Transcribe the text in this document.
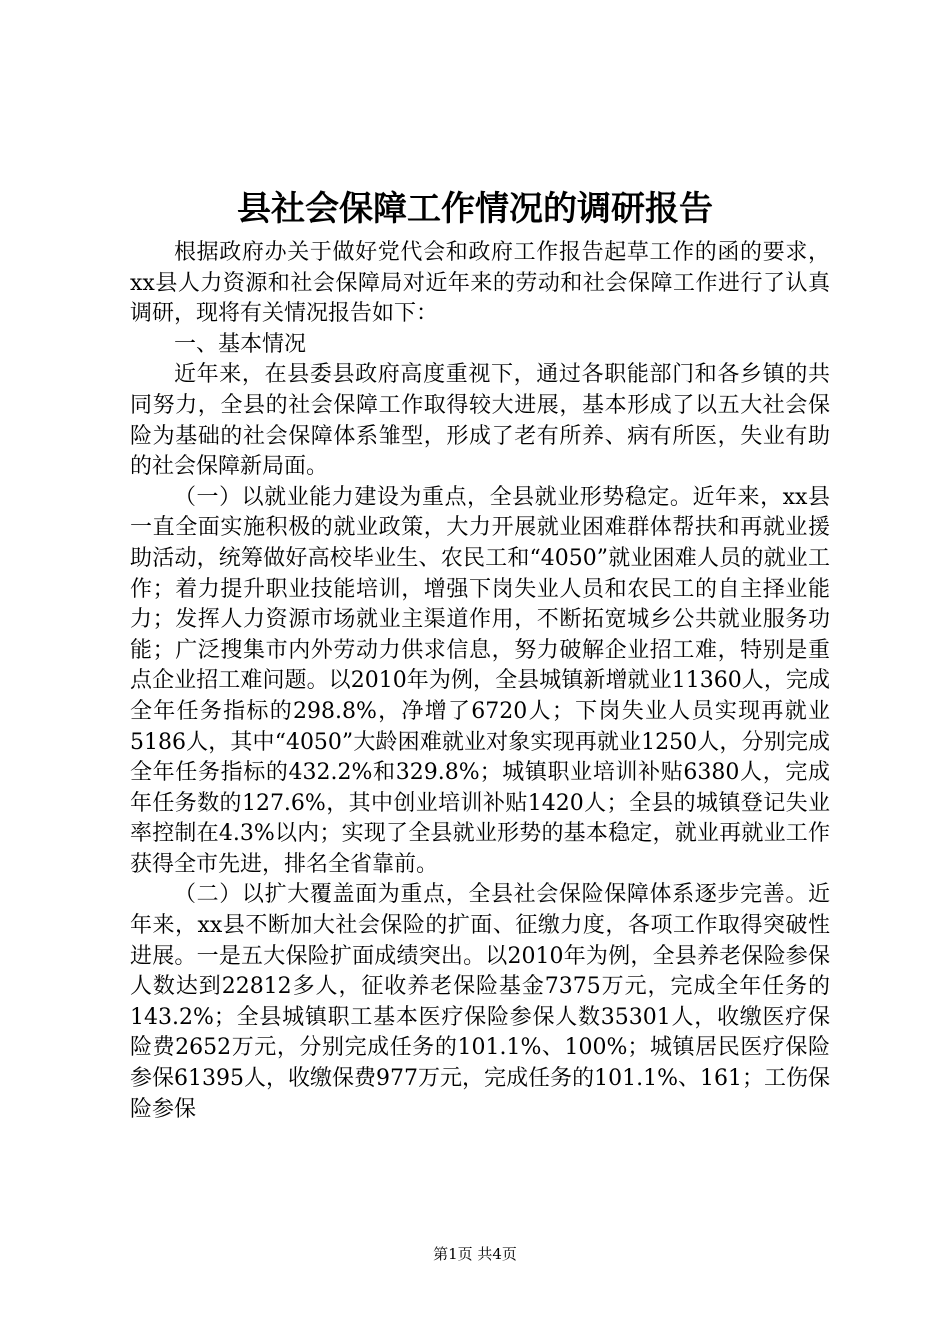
县社会保障工作情况的调研报告

根据政府办关于做好党代会和政府工作报告起草工作的函的要求，xx县人力资源和社会保障局对近年来的劳动和社会保障工作进行了认真调研，现将有关情况报告如下：

一、基本情况

近年来，在县委县政府高度重视下，通过各职能部门和各乡镇的共同努力，全县的社会保障工作取得较大进展，基本形成了以五大社会保险为基础的社会保障体系雏型，形成了老有所养、病有所医，失业有助的社会保障新局面。

（一）以就业能力建设为重点，全县就业形势稳定。近年来，xx县一直全面实施积极的就业政策，大力开展就业困难群体帮扶和再就业援助活动，统筹做好高校毕业生、农民工和“4050”就业困难人员的就业工作；着力提升职业技能培训，增强下岗失业人员和农民工的自主择业能力；发挥人力资源市场就业主渠道作用，不断拓宽城乡公共就业服务功能；广泛搜集市内外劳动力供求信息，努力破解企业招工难，特别是重点企业招工难问题。以2010年为例，全县城镇新增就业11360人，完成全年任务指标的298.8%，净增了6720人；下岗失业人员实现再就业5186人，其中“4050”大龄困难就业对象实现再就业1250人，分别完成全年任务指标的432.2%和329.8%；城镇职业培训补贴6380人，完成年任务数的127.6%，其中创业培训补贴1420人；全县的城镇登记失业率控制在4.3%以内；实现了全县就业形势的基本稳定，就业再就业工作获得全市先进，排名全省靠前。

（二）以扩大覆盖面为重点，全县社会保险保障体系逐步完善。近年来，xx县不断加大社会保险的扩面、征缴力度，各项工作取得突破性进展。一是五大保险扩面成绩突出。以2010年为例，全县养老保险参保人数达到22812多人，征收养老保险基金7375万元，完成全年任务的143.2%；全县城镇职工基本医疗保险参保人数35301人，收缴医疗保险费2652万元，分别完成任务的101.1%、100%；城镇居民医疗保险参保61395人，收缴保费977万元，完成任务的101.1%、161；工伤保险参保

第1页 共4页
